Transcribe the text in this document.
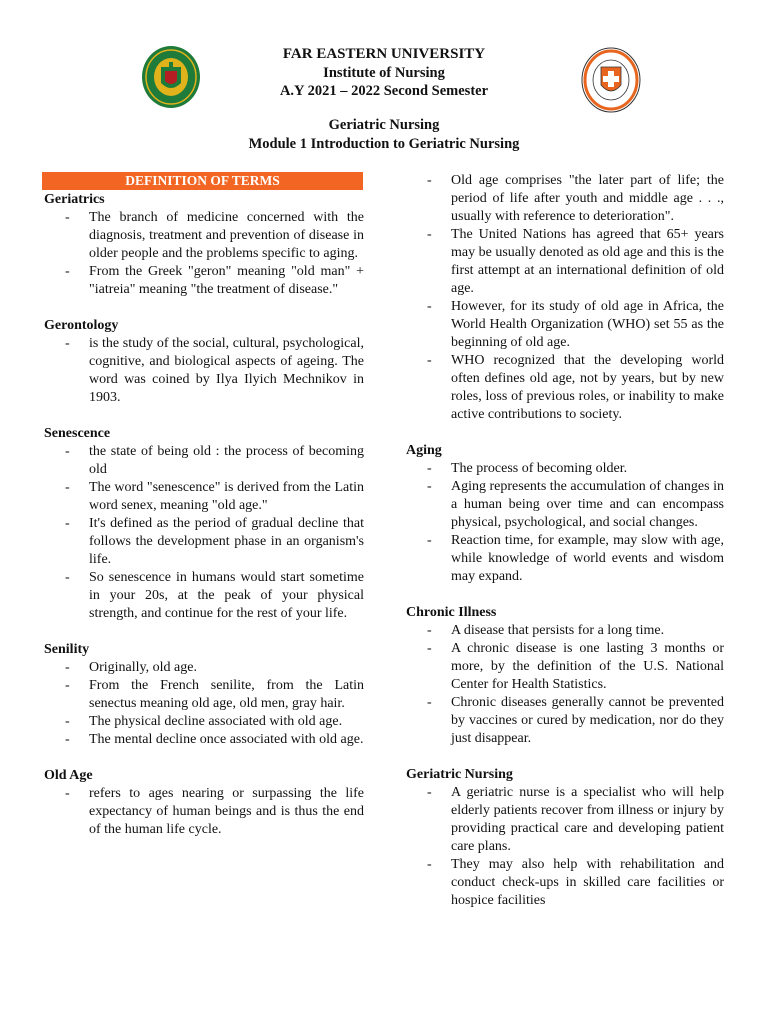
FAR EASTERN UNIVERSITY
Institute of Nursing
A.Y 2021 – 2022 Second Semester
Geriatric Nursing
Module 1 Introduction to Geriatric Nursing
DEFINITION OF TERMS
Geriatrics
- The branch of medicine concerned with the diagnosis, treatment and prevention of disease in older people and the problems specific to aging.
- From the Greek "geron" meaning "old man" + "iatreia" meaning "the treatment of disease."
Gerontology
- is the study of the social, cultural, psychological, cognitive, and biological aspects of ageing. The word was coined by Ilya Ilyich Mechnikov in 1903.
Senescence
- the state of being old : the process of becoming old
- The word "senescence" is derived from the Latin word senex, meaning "old age."
- It's defined as the period of gradual decline that follows the development phase in an organism's life.
- So senescence in humans would start sometime in your 20s, at the peak of your physical strength, and continue for the rest of your life.
Senility
- Originally, old age.
- From the French senilite, from the Latin senectus meaning old age, old men, gray hair.
- The physical decline associated with old age.
- The mental decline once associated with old age.
Old Age
- refers to ages nearing or surpassing the life expectancy of human beings and is thus the end of the human life cycle.
- Old age comprises "the later part of life; the period of life after youth and middle age . . ., usually with reference to deterioration".
- The United Nations has agreed that 65+ years may be usually denoted as old age and this is the first attempt at an international definition of old age.
- However, for its study of old age in Africa, the World Health Organization (WHO) set 55 as the beginning of old age.
- WHO recognized that the developing world often defines old age, not by years, but by new roles, loss of previous roles, or inability to make active contributions to society.
Aging
- The process of becoming older.
- Aging represents the accumulation of changes in a human being over time and can encompass physical, psychological, and social changes.
- Reaction time, for example, may slow with age, while knowledge of world events and wisdom may expand.
Chronic Illness
- A disease that persists for a long time.
- A chronic disease is one lasting 3 months or more, by the definition of the U.S. National Center for Health Statistics.
- Chronic diseases generally cannot be prevented by vaccines or cured by medication, nor do they just disappear.
Geriatric Nursing
- A geriatric nurse is a specialist who will help elderly patients recover from illness or injury by providing practical care and developing patient care plans.
- They may also help with rehabilitation and conduct check-ups in skilled care facilities or hospice facilities
